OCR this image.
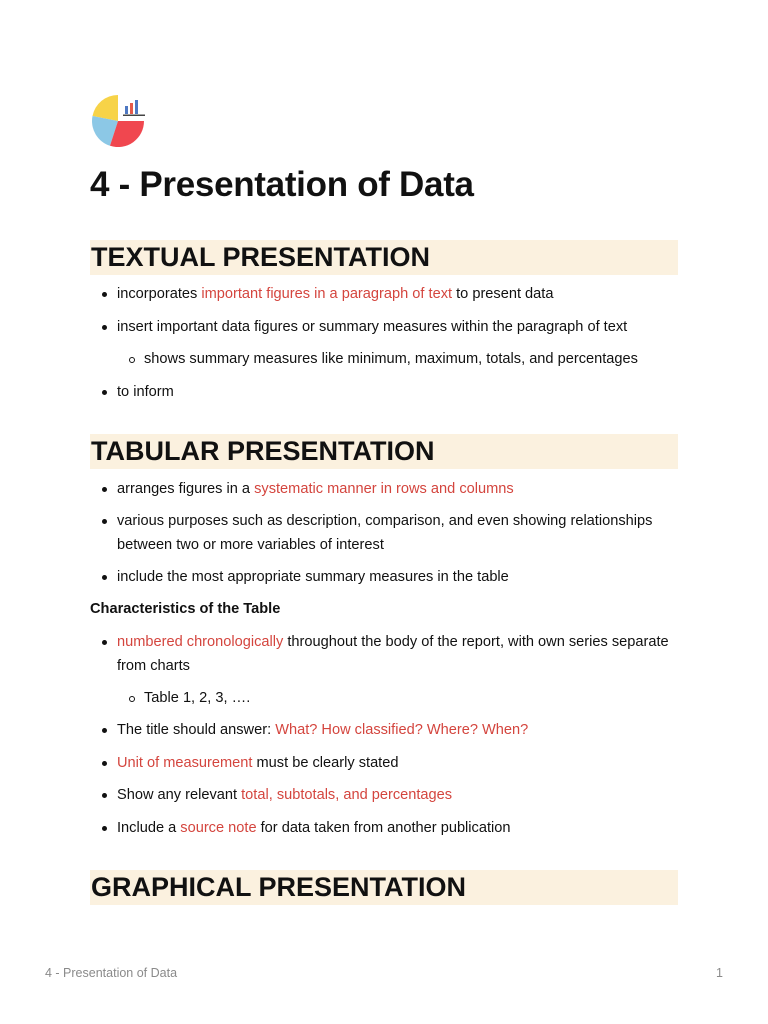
4 - Presentation of Data
TEXTUAL PRESENTATION
incorporates important figures in a paragraph of text to present data
insert important data figures or summary measures within the paragraph of text
shows summary measures like minimum, maximum, totals, and percentages
to inform
TABULAR PRESENTATION
arranges figures in a systematic manner in rows and columns
various purposes such as description, comparison, and even showing relationships between two or more variables of interest
include the most appropriate summary measures in the table
Characteristics of the Table
numbered chronologically throughout the body of the report, with own series separate from charts
Table 1, 2, 3, ….
The title should answer: What? How classified? Where? When?
Unit of measurement must be clearly stated
Show any relevant total, subtotals, and percentages
Include a source note for data taken from another publication
GRAPHICAL PRESENTATION
4 - Presentation of Data	1
